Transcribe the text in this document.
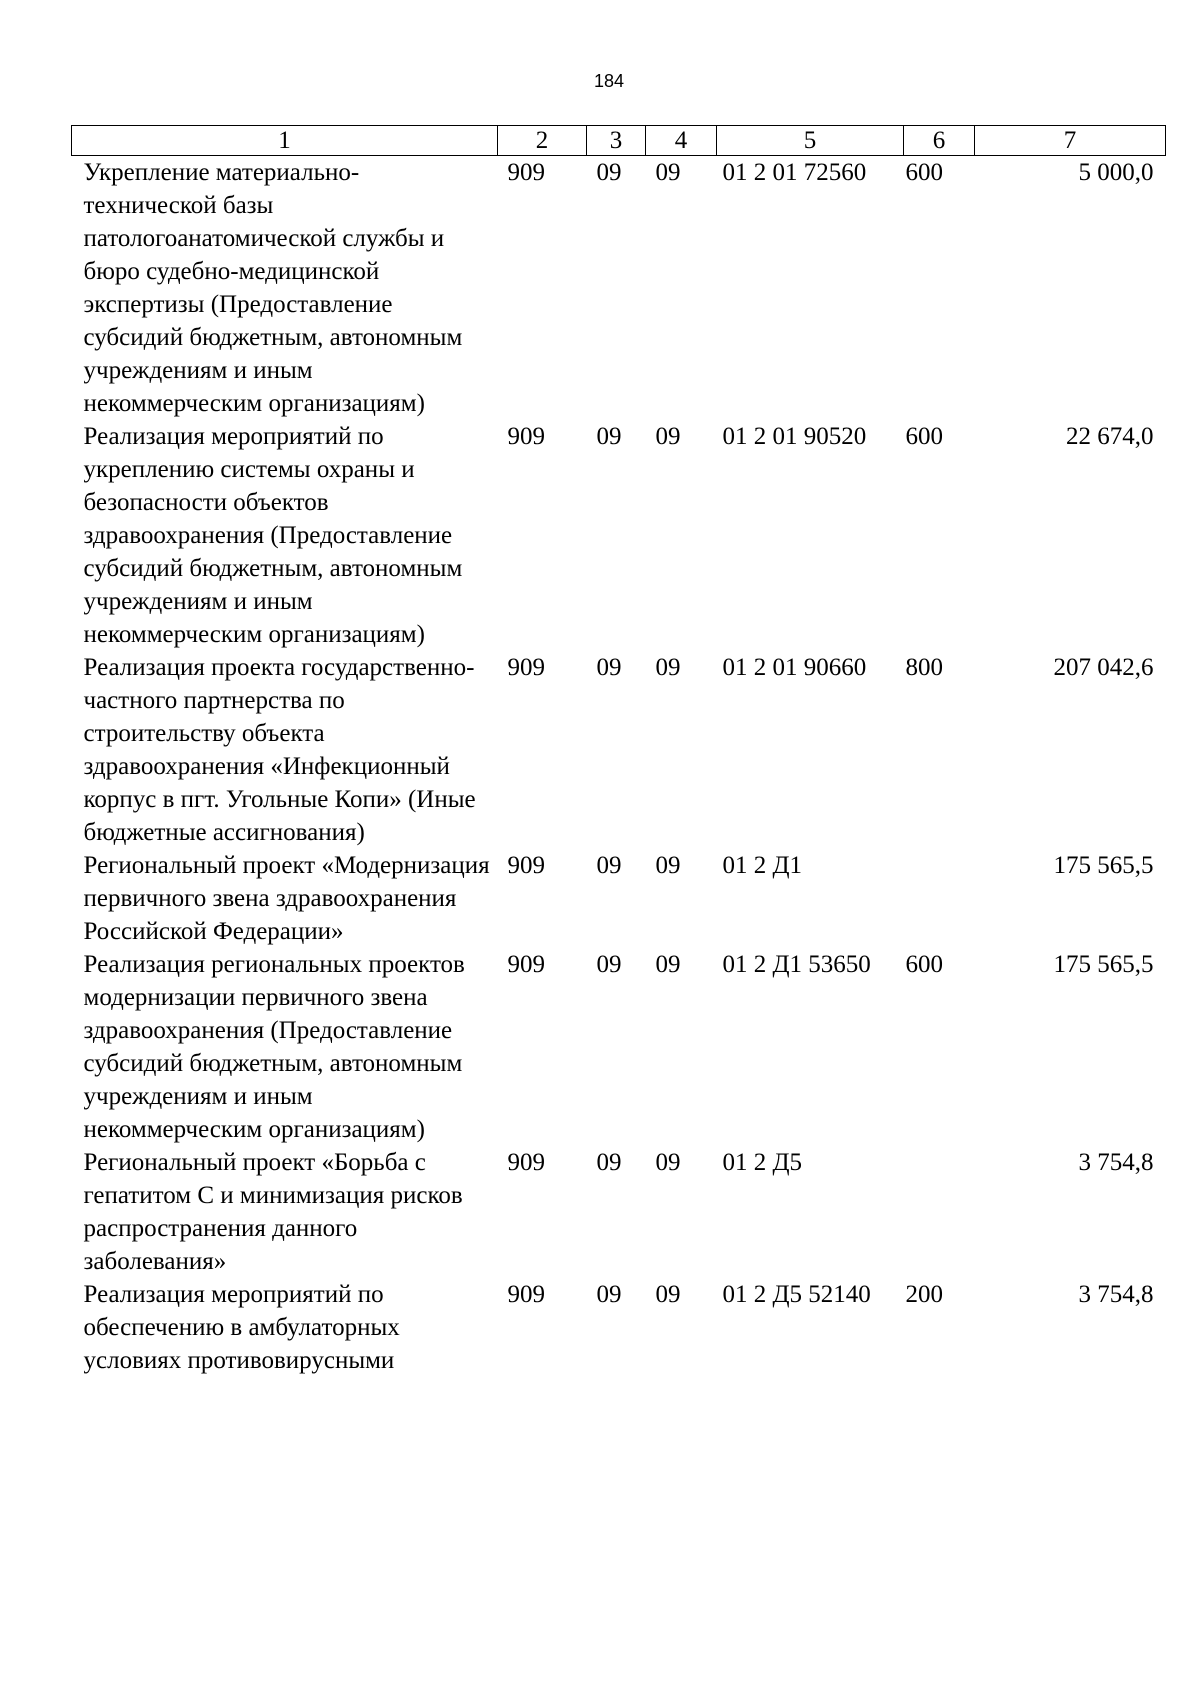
184
1	2	3	4	5	6	7
Укрепление материально-технической базы патологоанатомической службы и бюро судебно-медицинской экспертизы (Предоставление субсидий бюджетным, автономным учреждениям и иным некоммерческим организациям)	909	09	09	01 2 01 72560	600	5 000,0
Реализация мероприятий по укреплению системы охраны и безопасности объектов здравоохранения (Предоставление субсидий бюджетным, автономным учреждениям и иным некоммерческим организациям)	909	09	09	01 2 01 90520	600	22 674,0
Реализация проекта государственно-частного партнерства по строительству объекта здравоохранения «Инфекционный корпус в пгт. Угольные Копи» (Иные бюджетные ассигнования)	909	09	09	01 2 01 90660	800	207 042,6
Региональный проект «Модернизация первичного звена здравоохранения Российской Федерации»	909	09	09	01 2 Д1		175 565,5
Реализация региональных проектов модернизации первичного звена здравоохранения (Предоставление субсидий бюджетным, автономным учреждениям и иным некоммерческим организациям)	909	09	09	01 2 Д1 53650	600	175 565,5
Региональный проект «Борьба с гепатитом С и минимизация рисков распространения данного заболевания»	909	09	09	01 2 Д5		3 754,8
Реализация мероприятий по обеспечению в амбулаторных условиях противовирусными	909	09	09	01 2 Д5 52140	200	3 754,8
